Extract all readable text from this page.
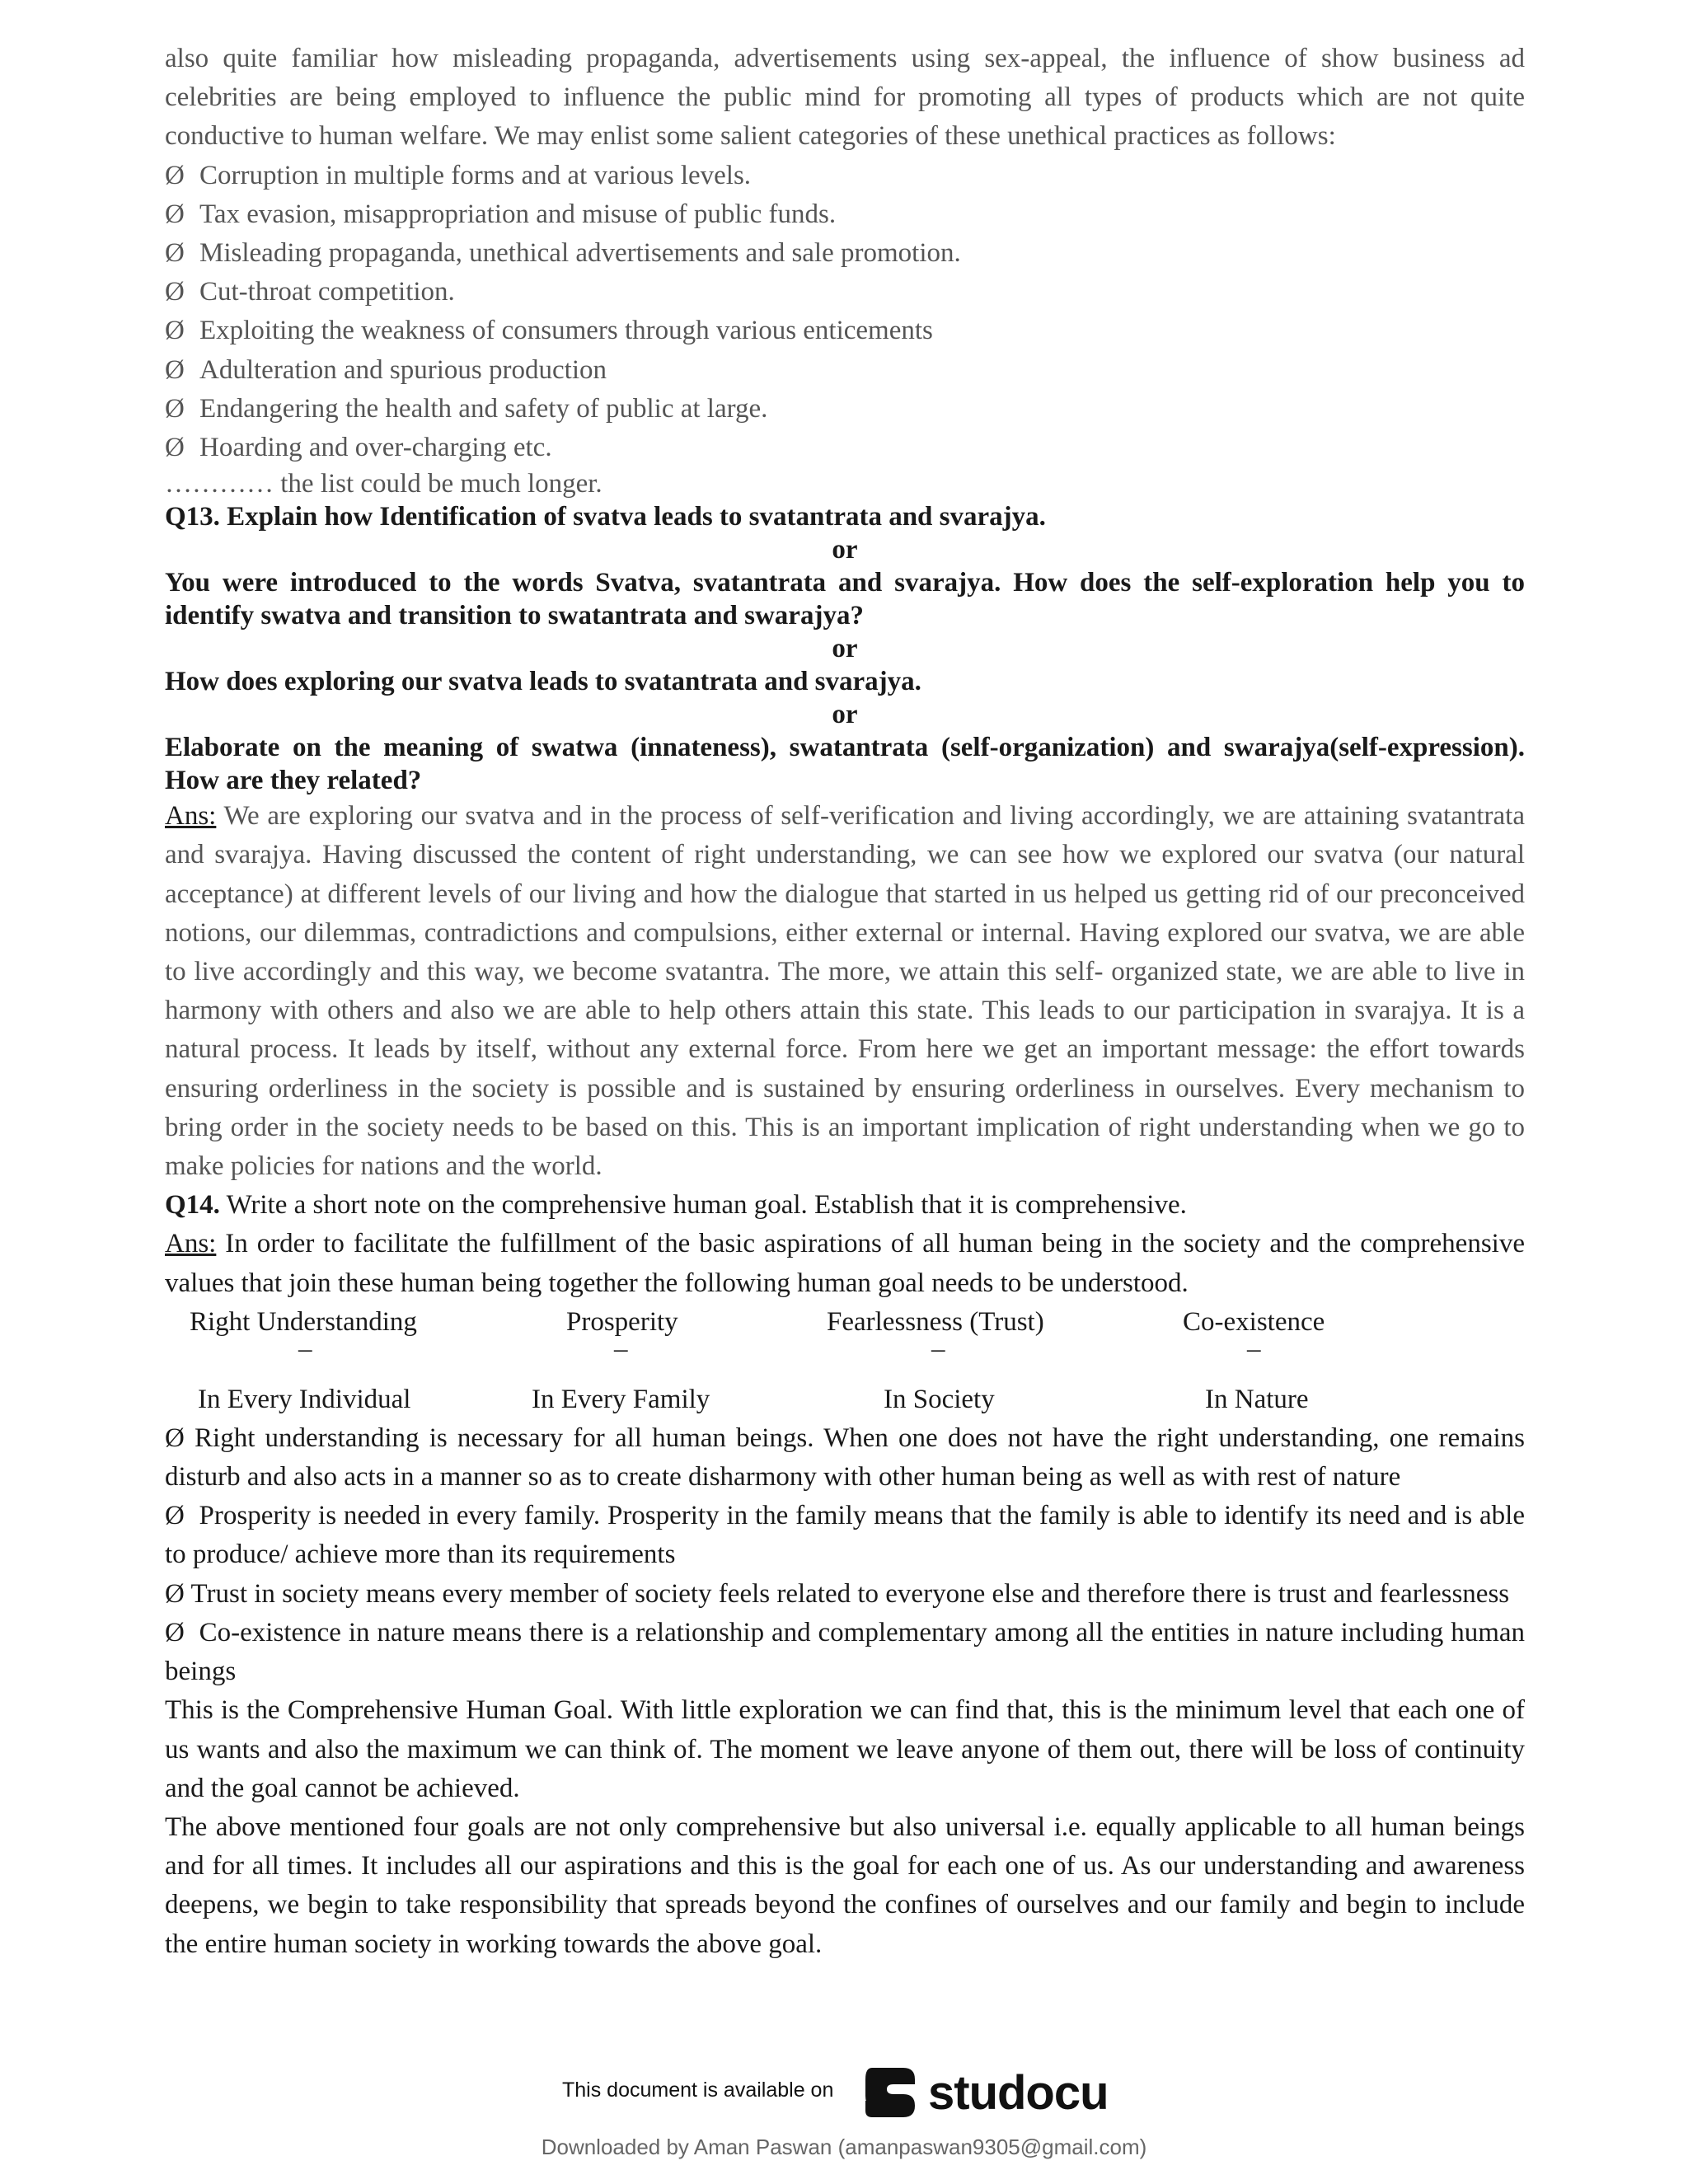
also quite familiar how misleading propaganda, advertisements using sex-appeal, the influence of show business ad celebrities are being employed to influence the public mind for promoting all types of products which are not quite conductive to human welfare. We may enlist some salient categories of these unethical practices as follows:

Ø Corruption in multiple forms and at various levels.

Ø Tax evasion, misappropriation and misuse of public funds.

Ø Misleading propaganda, unethical advertisements and sale promotion.

Ø Cut-throat competition.

Ø Exploiting the weakness of consumers through various enticements

Ø Adulteration and spurious production

Ø Endangering the health and safety of public at large.

Ø Hoarding and over-charging etc.

………… the list could be much longer.

Q13. Explain how Identification of svatva leads to svatantrata and svarajya.

or

You were introduced to the words Svatva, svatantrata and svarajya. How does the self-exploration help you to identify swatva and transition to swatantrata and swarajya?

or

How does exploring our svatva leads to svatantrata and svarajya.

or

Elaborate on the meaning of swatwa (innateness), swatantrata (self-organization) and swarajya(self-expression). How are they related?

Ans: We are exploring our svatva and in the process of self-verification and living accordingly, we are attaining svatantrata and svarajya. Having discussed the content of right understanding, we can see how we explored our svatva (our natural acceptance) at different levels of our living and how the dialogue that started in us helped us getting rid of our preconceived notions, our dilemmas, contradictions and compulsions, either external or internal. Having explored our svatva, we are able to live accordingly and this way, we become svatantra. The more, we attain this self- organized state, we are able to live in harmony with others and also we are able to help others attain this state. This leads to our participation in svarajya. It is a natural process. It leads by itself, without any external force. From here we get an important message: the effort towards ensuring orderliness in the society is possible and is sustained by ensuring orderliness in ourselves. Every mechanism to bring order in the society needs to be based on this. This is an important implication of right understanding when we go to make policies for nations and the world.

Q14. Write a short note on the comprehensive human goal. Establish that it is comprehensive.

Ans: In order to facilitate the fulfillment of the basic aspirations of all human being in the society and the comprehensive values that join these human being together the following human goal needs to be understood.

Right Understanding	Prosperity	Fearlessness (Trust)	Co-existence
–	–	–	–
In Every Individual	In Every Family	In Society	In Nature

Ø Right understanding is necessary for all human beings. When one does not have the right understanding, one remains disturb and also acts in a manner so as to create disharmony with other human being as well as with rest of nature

Ø Prosperity is needed in every family. Prosperity in the family means that the family is able to identify its need and is able to produce/ achieve more than its requirements

Ø Trust in society means every member of society feels related to everyone else and therefore there is trust and fearlessness

Ø Co-existence in nature means there is a relationship and complementary among all the entities in nature including human beings

This is the Comprehensive Human Goal. With little exploration we can find that, this is the minimum level that each one of us wants and also the maximum we can think of. The moment we leave anyone of them out, there will be loss of continuity and the goal cannot be achieved.

The above mentioned four goals are not only comprehensive but also universal i.e. equally applicable to all human beings and for all times. It includes all our aspirations and this is the goal for each one of us. As our understanding and awareness deepens, we begin to take responsibility that spreads beyond the confines of ourselves and our family and begin to include the entire human society in working towards the above goal.

This document is available on studocu
Downloaded by Aman Paswan (amanpaswan9305@gmail.com)
